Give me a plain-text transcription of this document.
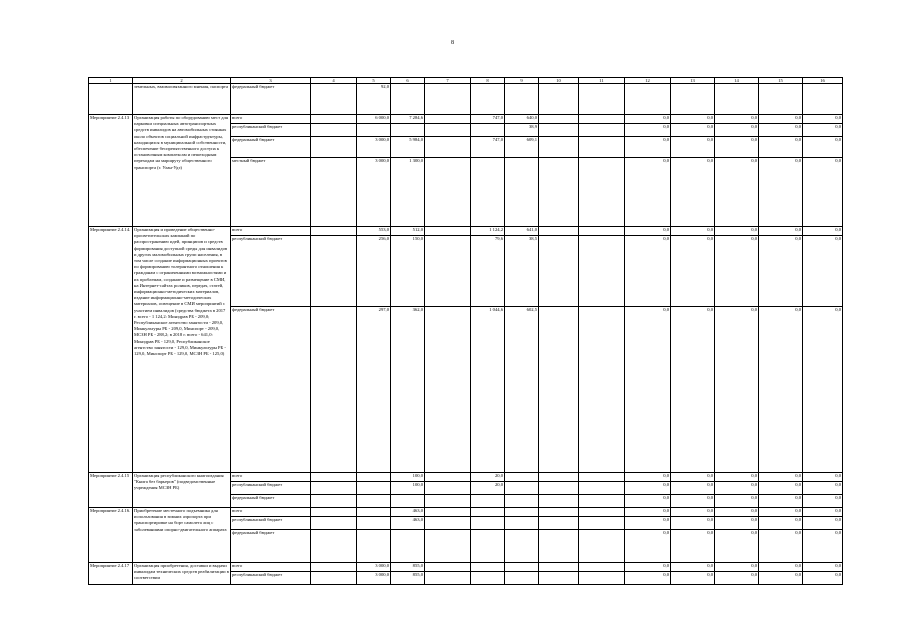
8
1	2	3	4	5	6	7	8	9	10	11	12	13	14	15	16
	земельных, взаимосвязанного мнения, паспорта	федеральный бюджет		92,0											
Мероприятие 2.4.13	Организация работы по оборудованию мест для парковки специальных автотранспортных средств инвалидов на автомобильных стоянках около объектов социальной инфраструктуры, находящихся в муниципальной собственности, обеспечение беспрепятственного доступа к остановочным комплексам и пешеходным переходам на маршруту общественного транспорта (г. Улан-Удэ)	всего		6 000,0	7 284,6		747,0	640,0			0,0	0,0	0,0	0,0	0,0
		республиканский бюджет						38,9			0,0	0,0	0,0	0,0	0,0
		федеральный бюджет		3 000,0	5 984,0		747,0	609,1			0,0	0,0	0,0	0,0	0,0
		местный бюджет		3 000,0	1 300,0						0,0	0,0	0,0	0,0	0,0
Мероприятие 2.4.14.	Организация и проведение общественно-просветительских кампаний по распространению идей, принципов и средств формирования доступной среды для инвалидов и других маломобильных групп населения, в том числе создание информационных проектов по формированию толерантного отношения к гражданам с ограниченными возможностями и их проблемам, создание и размещение в СМИ, на Интернет-сайтах роликов, передач, статей, информационно-методических материалов, издание информационно-методических материалов, освещение в СМИ мероприятий с участием инвалидов (средства бюджета в 2017 г. всего - 1 124,2: Минздрав РБ - 209,0; Республиканское агентство занятости - 209,0, Минкультуры РБ - 209,0, Минспорт - 209,0, МСЗН РБ - 288,2; в 2018 г. всего - 641,0: Минздрав РБ - 129,0, Республиканское агентство занятости - 129,0, Минкультуры РБ - 129,0, Минспорт РБ - 129,0, МСЗН РБ - 125,0)	всего		553,0	512,0		1 124,2	641,0			0,0	0,0	0,0	0,0	0,0
		республиканский бюджет		256,0	150,0		79,6	38,5			0,0	0,0	0,0	0,0	0,0
		федеральный бюджет		297,0	362,0		1 044,6	602,5			0,0	0,0	0,0	0,0	0,0
Мероприятие 2.4.15	Организация республиканского книгоиздания "Книга без барьеров" (подведомственные учреждения МСЗН РБ)	всего			100,0		20,0				0,0	0,0	0,0	0,0	0,0
		республиканский бюджет			100,0		20,0				0,0	0,0	0,0	0,0	0,0
		федеральный бюджет									0,0	0,0	0,0	0,0	0,0
Мероприятие 2.4.16.	Приобретение местечного подъемника для использования в зимних аэропорта при транспортировке на борт самолета лиц с заболеваниями опорно-двигательного аппарата	всего			463,0						0,0	0,0	0,0	0,0	0,0
		республиканский бюджет			463,0						0,0	0,0	0,0	0,0	0,0
		федеральный бюджет									0,0	0,0	0,0	0,0	0,0
Мероприятие 2.4.17	Организация приобретения, доставки и выдачи инвалидам технических средств реабилитации в соответствии	всего		3 000,0	855,0						0,0	0,0	0,0	0,0	0,0
		республиканский бюджет		3 000,0	855,0						0,0	0,0	0,0	0,0	0,0
